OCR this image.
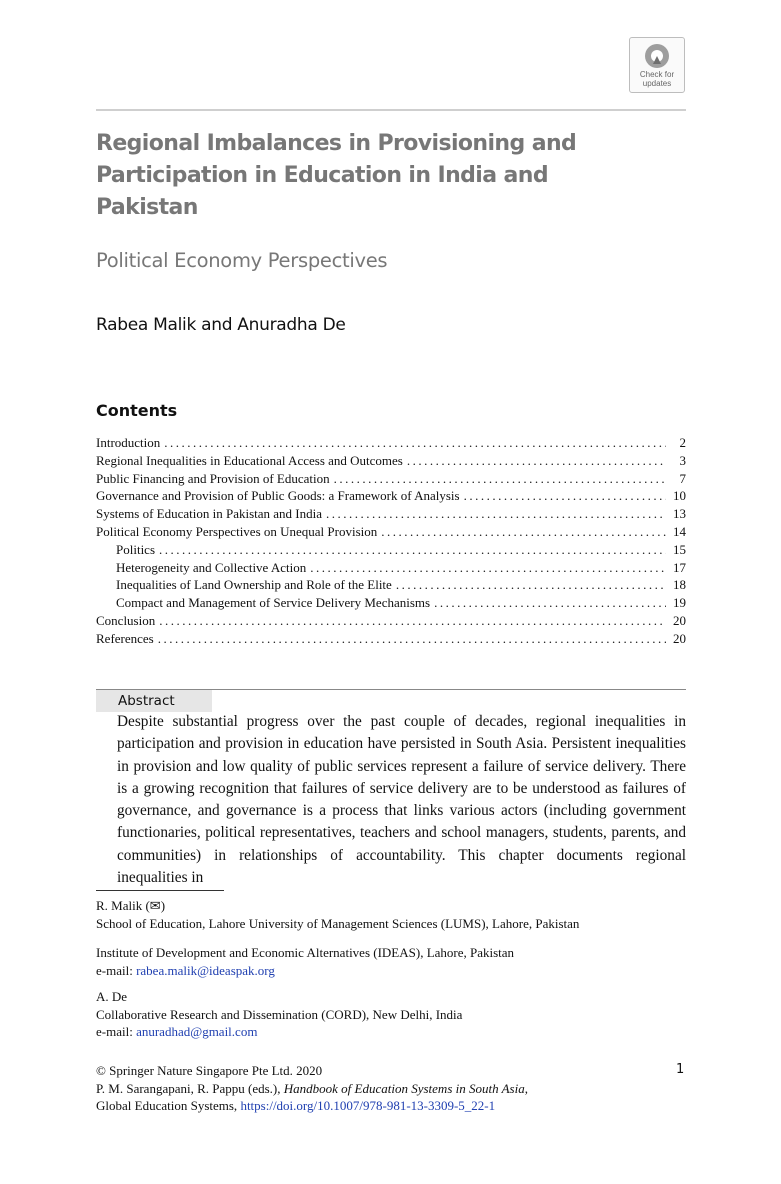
Check for
updates
Regional Imbalances in Provisioning and Participation in Education in India and Pakistan
Political Economy Perspectives
Rabea Malik and Anuradha De
Contents
Introduction .....	2
Regional Inequalities in Educational Access and Outcomes .....	3
Public Financing and Provision of Education .....	7
Governance and Provision of Public Goods: a Framework of Analysis .....	10
Systems of Education in Pakistan and India .....	13
Political Economy Perspectives on Unequal Provision .....	14
Politics .....	15
Heterogeneity and Collective Action .....	17
Inequalities of Land Ownership and Role of the Elite .....	18
Compact and Management of Service Delivery Mechanisms .....	19
Conclusion .....	20
References .....	20
Abstract
Despite substantial progress over the past couple of decades, regional inequalities in participation and provision in education have persisted in South Asia. Persistent inequalities in provision and low quality of public services represent a failure of service delivery. There is a growing recognition that failures of service delivery are to be understood as failures of governance, and governance is a process that links various actors (including government functionaries, political representatives, teachers and school managers, students, parents, and communities) in relationships of accountability. This chapter documents regional inequalities in
R. Malik (✉)
School of Education, Lahore University of Management Sciences (LUMS), Lahore, Pakistan
Institute of Development and Economic Alternatives (IDEAS), Lahore, Pakistan
e-mail: rabea.malik@ideaspak.org
A. De
Collaborative Research and Dissemination (CORD), New Delhi, India
e-mail: anuradhad@gmail.com
© Springer Nature Singapore Pte Ltd. 2020
P. M. Sarangapani, R. Pappu (eds.), Handbook of Education Systems in South Asia,
Global Education Systems, https://doi.org/10.1007/978-981-13-3309-5_22-1
1
